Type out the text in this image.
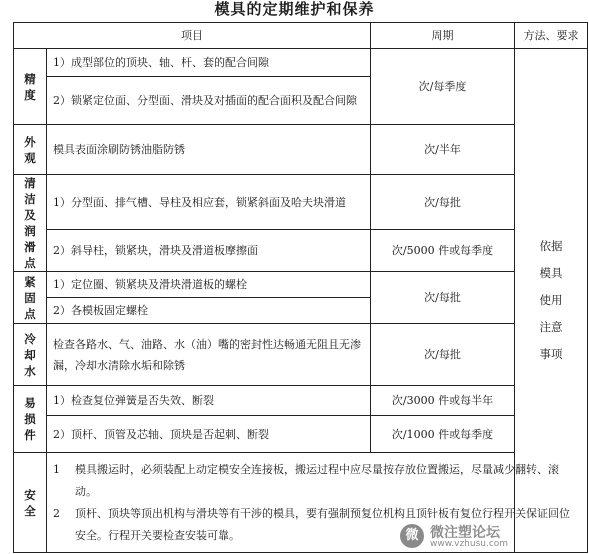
模具的定期维护和保养
项目		周期	方法、要求
精度	1）成型部位的顶块、轴、杆、套的配合间隙	次/每季度	依据模具使用注意事项
	2）锁紧定位面、分型面、滑块及对插面的配合面积及配合间隙		
外观	模具表面涂刷防锈油脂防锈	次/半年	
清洁及润滑点	1）分型面、排气槽、导柱及相应套，锁紧斜面及哈夫块滑道	次/每批	
	2）斜导柱，锁紧块，滑块及滑道板摩擦面	次/5000 件或每季度	
紧固点	1）定位圈、锁紧块及滑块滑道板的螺栓	次/每批	
	2）各模板固定螺栓		
冷却水	检查各路水、气、油路、水（油）嘴的密封性达畅通无阻且无渗漏，冷却水清除水垢和除锈	次/每批	
易损件	1）检查复位弹簧是否失效、断裂	次/3000 件或每半年	
	2）顶杆、顶管及芯轴、顶块是否起刺、断裂	次/1000 件或每季度	
安全	1 模具搬运时，必须装配上动定模安全连接板，搬运过程中应尽量按存放位置搬运，尽量减少翻转、滚动。

2 顶杆、顶块等顶出机构与滑块等有干涉的模具，要有强制预复位机构且顶针板有复位行程开关保证回位安全。行程开关要检查安装可靠。			微 微注塑论坛
www.vzhusu.com
